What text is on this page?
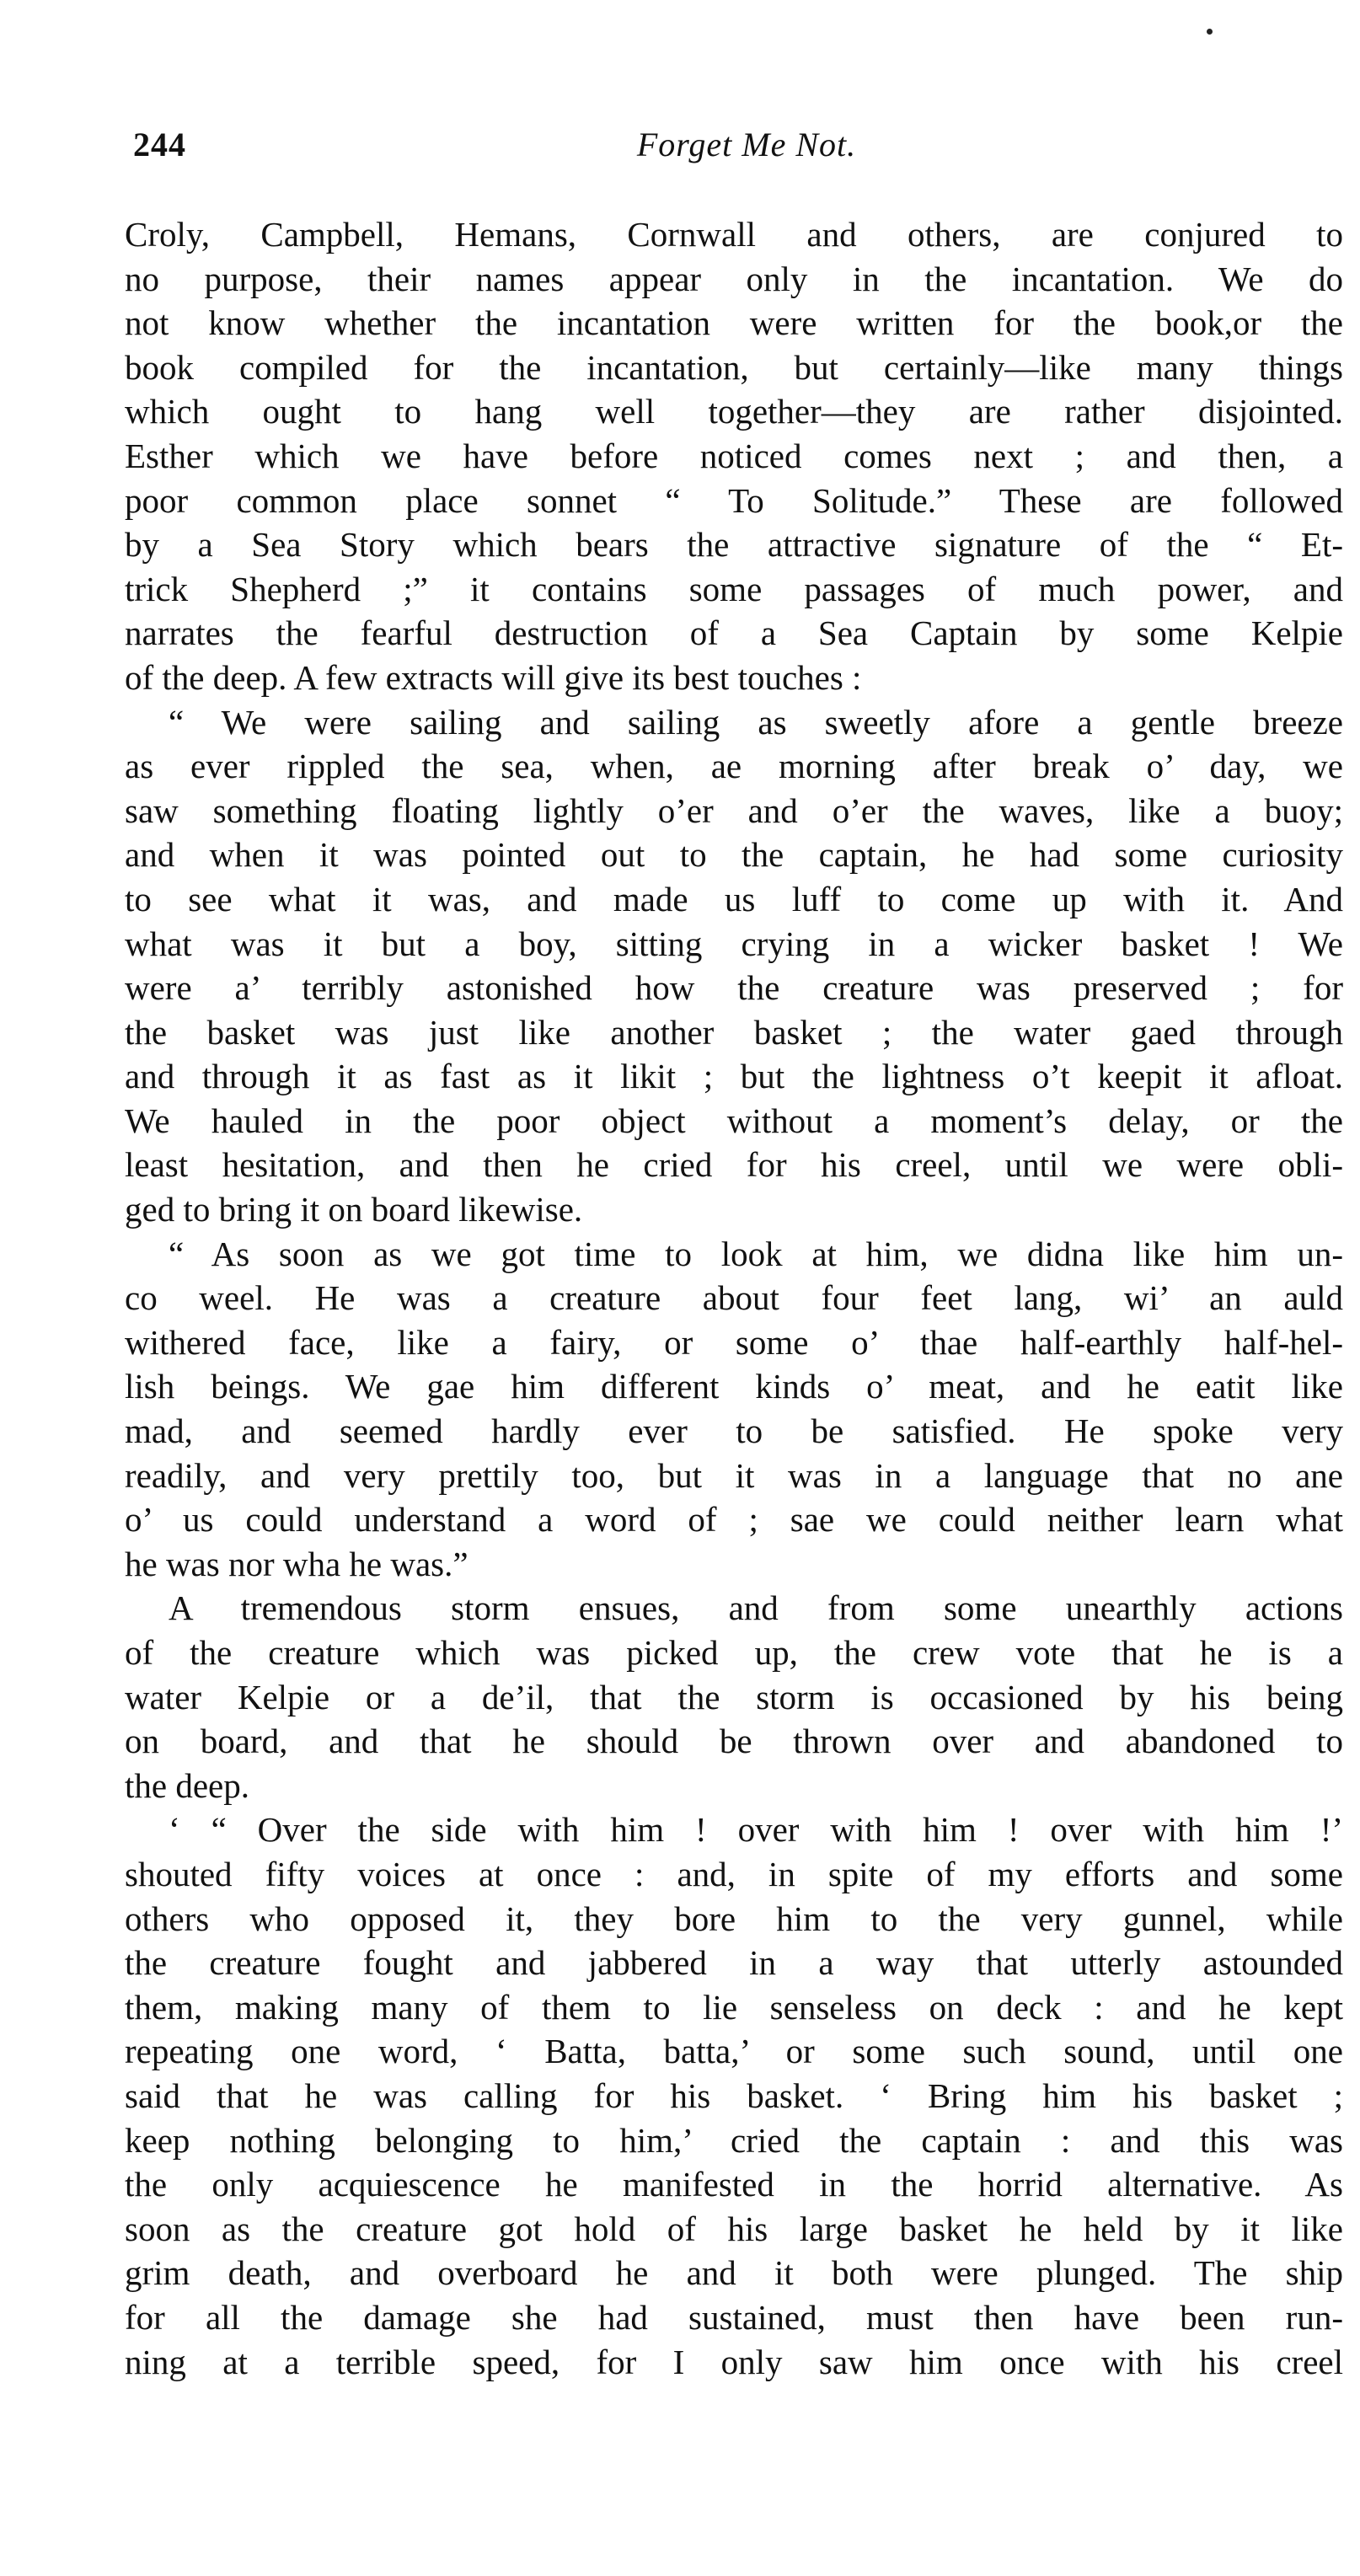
244	Forget Me Not.
Croly, Campbell, Hemans, Cornwall and others, are conjured to
no purpose, their names appear only in the incantation. We do
not know whether the incantation were written for the book,or the
book compiled for the incantation, but certainly—like many things
which ought to hang well together—they are rather disjointed.
Esther which we have before noticed comes next ; and then, a
poor common place sonnet “ To Solitude.” These are followed
by a Sea Story which bears the attractive signature of the “ Et-
trick Shepherd ;” it contains some passages of much power, and
narrates the fearful destruction of a Sea Captain by some Kelpie
of the deep. A few extracts will give its best touches :
“ We were sailing and sailing as sweetly afore a gentle breeze
as ever rippled the sea, when, ae morning after break o’ day, we
saw something floating lightly o’er and o’er the waves, like a buoy;
and when it was pointed out to the captain, he had some curiosity
to see what it was, and made us luff to come up with it. And
what was it but a boy, sitting crying in a wicker basket ! We
were a’ terribly astonished how the creature was preserved ; for
the basket was just like another basket ; the water gaed through
and through it as fast as it likit ; but the lightness o’t keepit it afloat.
We hauled in the poor object without a moment’s delay, or the
least hesitation, and then he cried for his creel, until we were obli-
ged to bring it on board likewise.
“ As soon as we got time to look at him, we didna like him un-
co weel. He was a creature about four feet lang, wi’ an auld
withered face, like a fairy, or some o’ thae half-earthly half-hel-
lish beings. We gae him different kinds o’ meat, and he eatit like
mad, and seemed hardly ever to be satisfied. He spoke very
readily, and very prettily too, but it was in a language that no ane
o’ us could understand a word of ; sae we could neither learn what
he was nor wha he was.”
A tremendous storm ensues, and from some unearthly actions
of the creature which was picked up, the crew vote that he is a
water Kelpie or a de’il, that the storm is occasioned by his being
on board, and that he should be thrown over and abandoned to
the deep.
‘ “ Over the side with him ! over with him ! over with him !’
shouted fifty voices at once : and, in spite of my efforts and some
others who opposed it, they bore him to the very gunnel, while
the creature fought and jabbered in a way that utterly astounded
them, making many of them to lie senseless on deck : and he kept
repeating one word, ‘ Batta, batta,’ or some such sound, until one
said that he was calling for his basket. ‘ Bring him his basket ;
keep nothing belonging to him,’ cried the captain : and this was
the only acquiescence he manifested in the horrid alternative. As
soon as the creature got hold of his large basket he held by it like
grim death, and overboard he and it both were plunged. The ship
for all the damage she had sustained, must then have been run-
ning at a terrible speed, for I only saw him once with his creel
